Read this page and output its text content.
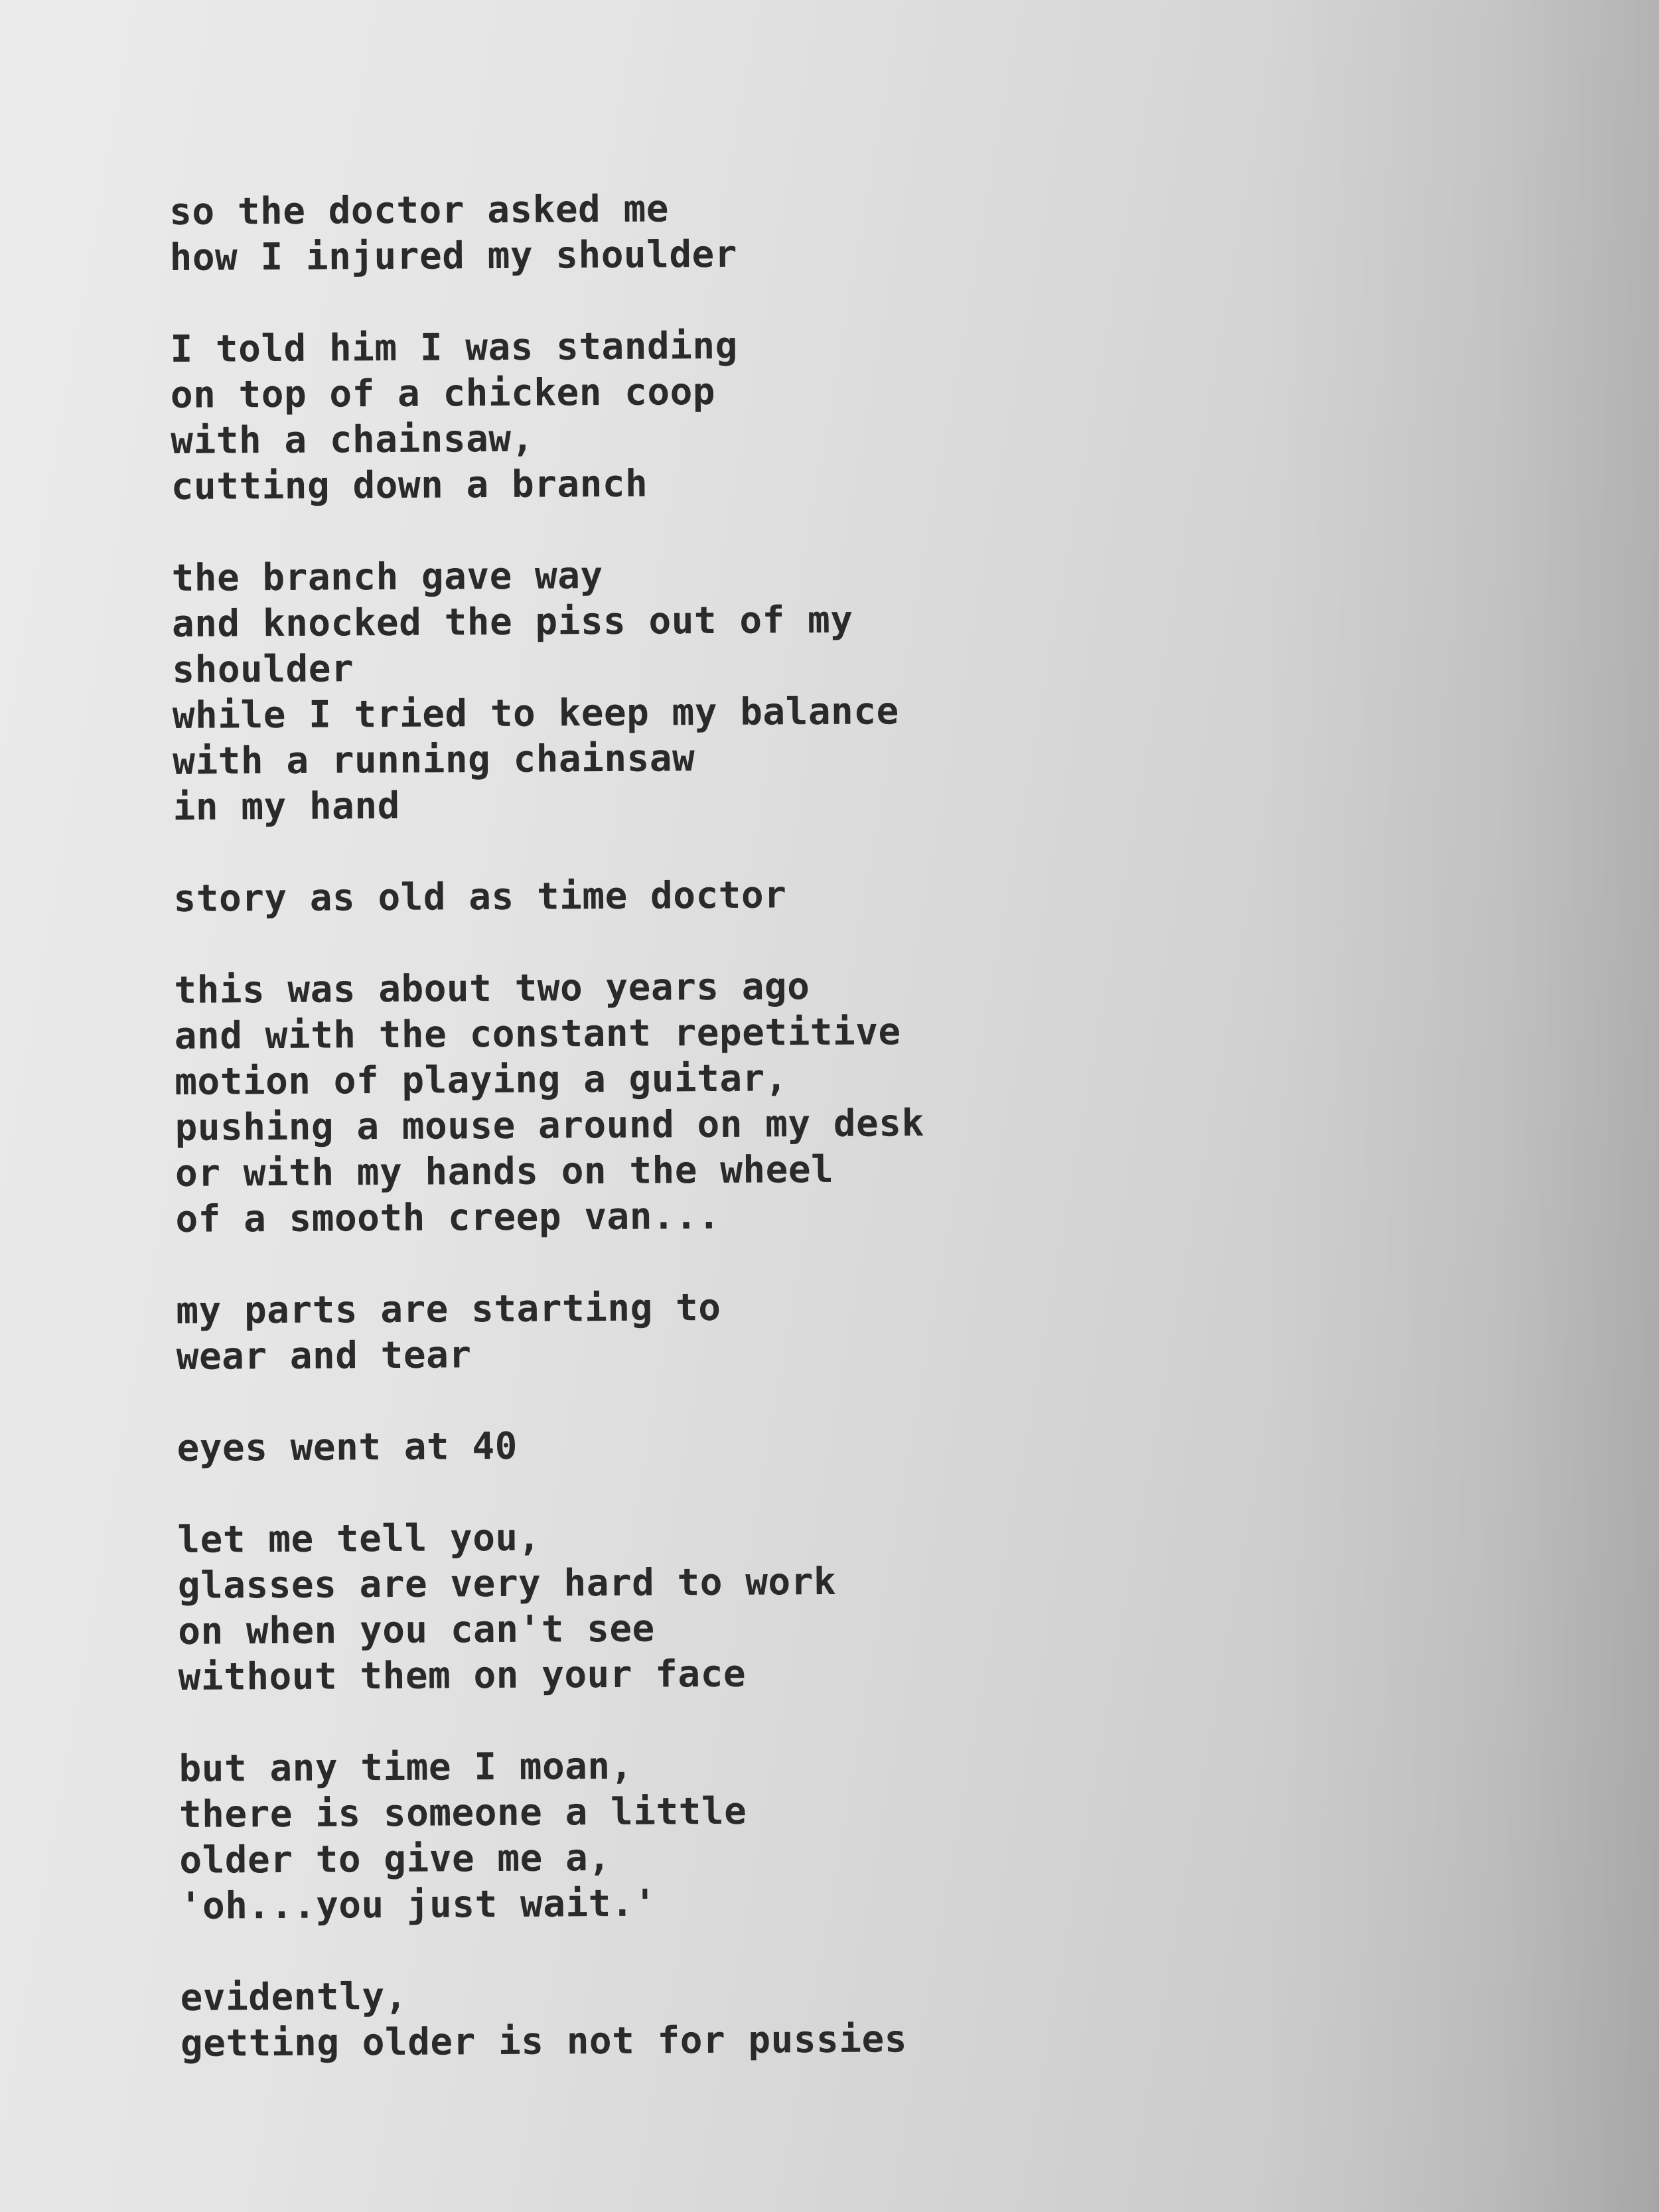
so the doctor asked me
how I injured my shoulder
I told him I was standing
on top of a chicken coop
with a chainsaw,
cutting down a branch
the branch gave way
and knocked the piss out of my
shoulder
while I tried to keep my balance
with a running chainsaw
in my hand
story as old as time doctor
this was about two years ago
and with the constant repetitive
motion of playing a guitar,
pushing a mouse around on my desk
or with my hands on the wheel
of a smooth creep van...
my parts are starting to
wear and tear
eyes went at 40
let me tell you,
glasses are very hard to work
on when you can't see
without them on your face
but any time I moan,
there is someone a little
older to give me a,
'oh...you just wait.'
evidently,
getting older is not for pussies
